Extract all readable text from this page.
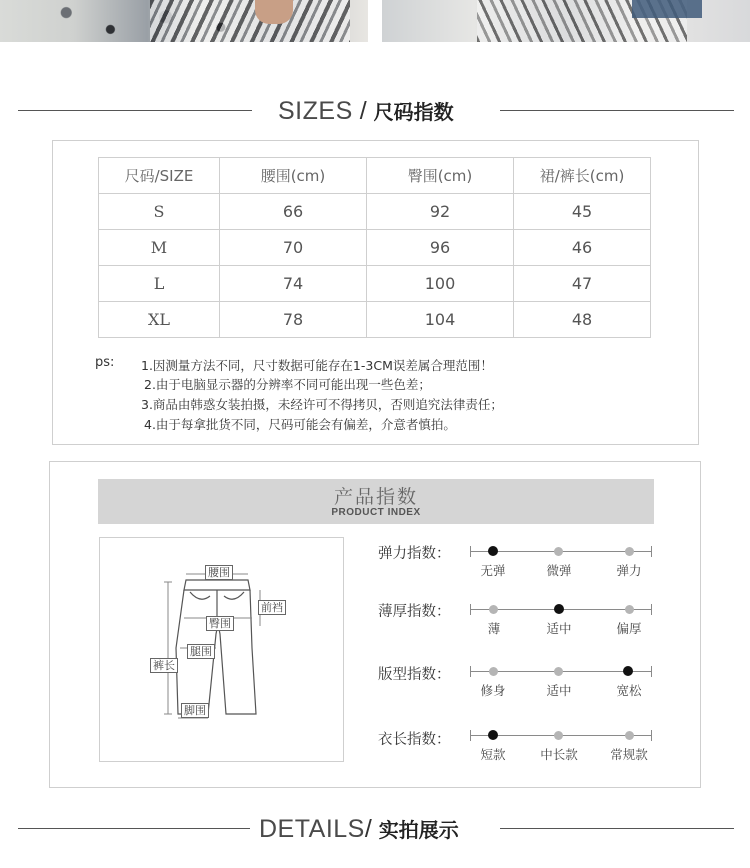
SIZES / 尺码指数
尺码/SIZE	腰围(cm)	臀围(cm)	裙/裤长(cm)
S	66	92	45
M	70	96	46
L	74	100	47
XL	78	104	48
ps: 1.因测量方法不同，尺寸数据可能存在1-3CM误差属合理范围！
2.由于电脑显示器的分辨率不同可能出现一些色差；
3.商品由韩惑女装拍摄，未经许可不得拷贝，否则追究法律责任；
4.由于每拿批货不同，尺码可能会有偏差，介意者慎拍。
产品指数
PRODUCT INDEX
腰围
前裆
臀围
腿围
裤长
脚围
弹力指数：
无弹	微弹	弹力
薄厚指数：
薄	适中	偏厚
版型指数：
修身	适中	宽松
衣长指数：
短款	中长款	常规款
DETAILS/ 实拍展示
